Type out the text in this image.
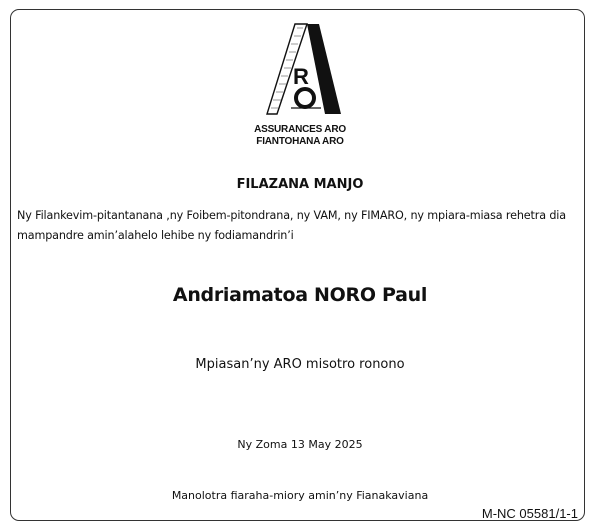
R
ASSURANCES ARO
FIANTOHANA ARO
FILAZANA MANJO
Ny Filankevim-pitantanana ,ny Foibem-pitondrana, ny VAM, ny FIMARO, ny mpiara-miasa rehetra dia
mampandre amin’alahelo lehibe ny fodiamandrin’i
Andriamatoa NORO Paul
Mpiasan’ny ARO misotro ronono
Ny Zoma 13 May 2025
Manolotra fiaraha-miory amin’ny Fianakaviana
M-NC 05581/1-1
